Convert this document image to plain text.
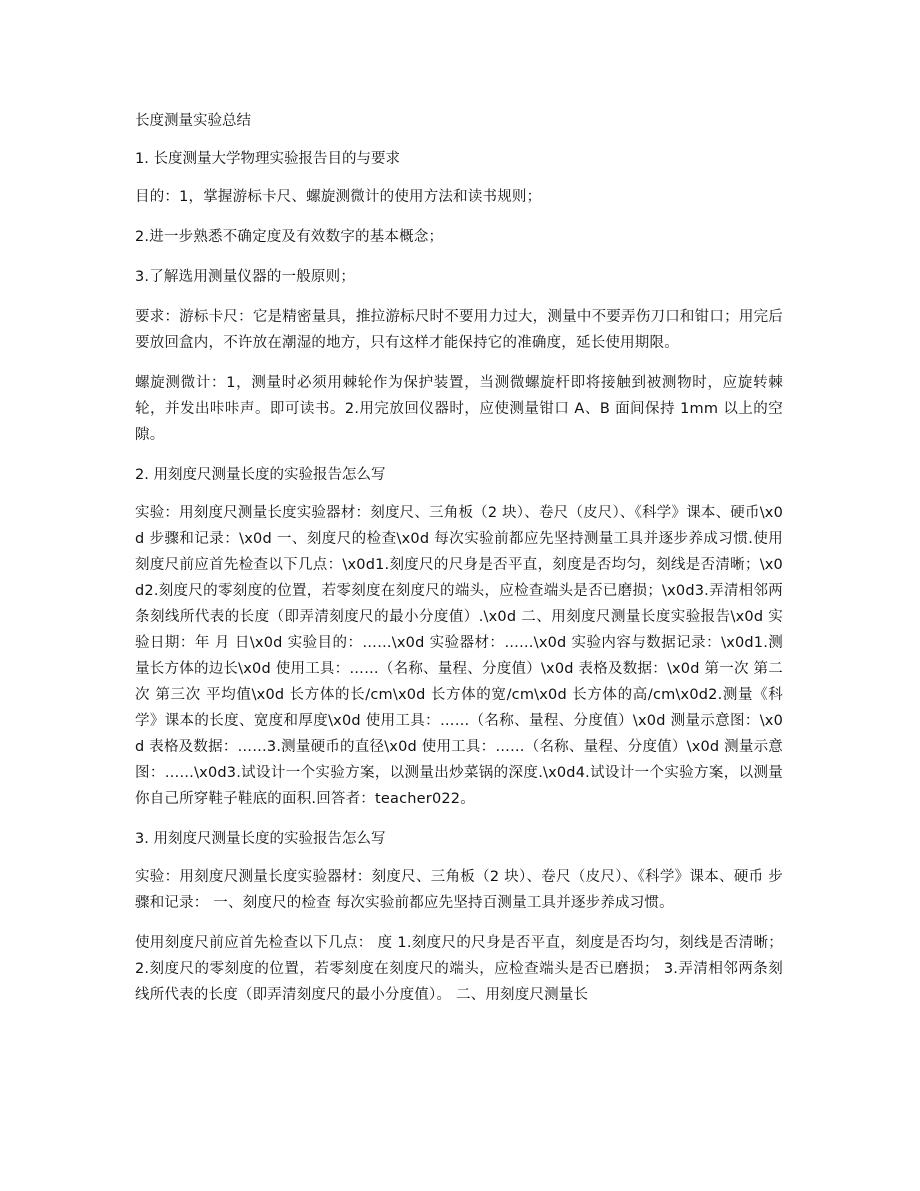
长度测量实验总结
1. 长度测量大学物理实验报告目的与要求
目的：1，掌握游标卡尺、螺旋测微计的使用方法和读书规则；
2.进一步熟悉不确定度及有效数字的基本概念；
3.了解选用测量仪器的一般原则；
要求：游标卡尺：它是精密量具，推拉游标尺时不要用力过大，测量中不要弄伤刀口和钳口；用完后要放回盒内，不许放在潮湿的地方，只有这样才能保持它的准确度，延长使用期限。
螺旋测微计：1，测量时必须用棘轮作为保护装置，当测微螺旋杆即将接触到被测物时，应旋转棘轮，并发出咔咔声。即可读书。2.用完放回仪器时，应使测量钳口 A、B 面间保持 1mm 以上的空隙。
2. 用刻度尺测量长度的实验报告怎么写
实验：用刻度尺测量长度实验器材：刻度尺、三角板（2 块）、卷尺（皮尺）、《科学》课本、硬币\x0d 步骤和记录：\x0d 一、刻度尺的检查\x0d 每次实验前都应先坚持测量工具并逐步养成习惯.使用刻度尺前应首先检查以下几点：\x0d1.刻度尺的尺身是否平直，刻度是否均匀，刻线是否清晰；\x0d2.刻度尺的零刻度的位置，若零刻度在刻度尺的端头，应检查端头是否已磨损；\x0d3.弄清相邻两条刻线所代表的长度（即弄清刻度尺的最小分度值）.\x0d 二、用刻度尺测量长度实验报告\x0d 实验日期：年 月 日\x0d 实验目的：……\x0d 实验器材：……\x0d 实验内容与数据记录：\x0d1.测量长方体的边长\x0d 使用工具：……（名称、量程、分度值）\x0d 表格及数据：\x0d 第一次 第二次 第三次 平均值\x0d 长方体的长/cm\x0d 长方体的宽/cm\x0d 长方体的高/cm\x0d2.测量《科学》课本的长度、宽度和厚度\x0d 使用工具：……（名称、量程、分度值）\x0d 测量示意图：\x0d 表格及数据：……3.测量硬币的直径\x0d 使用工具：……（名称、量程、分度值）\x0d 测量示意图：……\x0d3.试设计一个实验方案，以测量出炒菜锅的深度.\x0d4.试设计一个实验方案，以测量你自己所穿鞋子鞋底的面积.回答者：teacher022。
3. 用刻度尺测量长度的实验报告怎么写
实验：用刻度尺测量长度实验器材：刻度尺、三角板（2 块）、卷尺（皮尺）、《科学》课本、硬币 步骤和记录： 一、刻度尺的检查 每次实验前都应先坚持百测量工具并逐步养成习惯。
使用刻度尺前应首先检查以下几点： 度 1.刻度尺的尺身是否平直，刻度是否均匀，刻线是否清晰； 2.刻度尺的零刻度的位置，若零刻度在刻度尺的端头，应检查端头是否已磨损； 3.弄清相邻两条刻线所代表的长度（即弄清刻度尺的最小分度值）。 二、用刻度尺测量长
